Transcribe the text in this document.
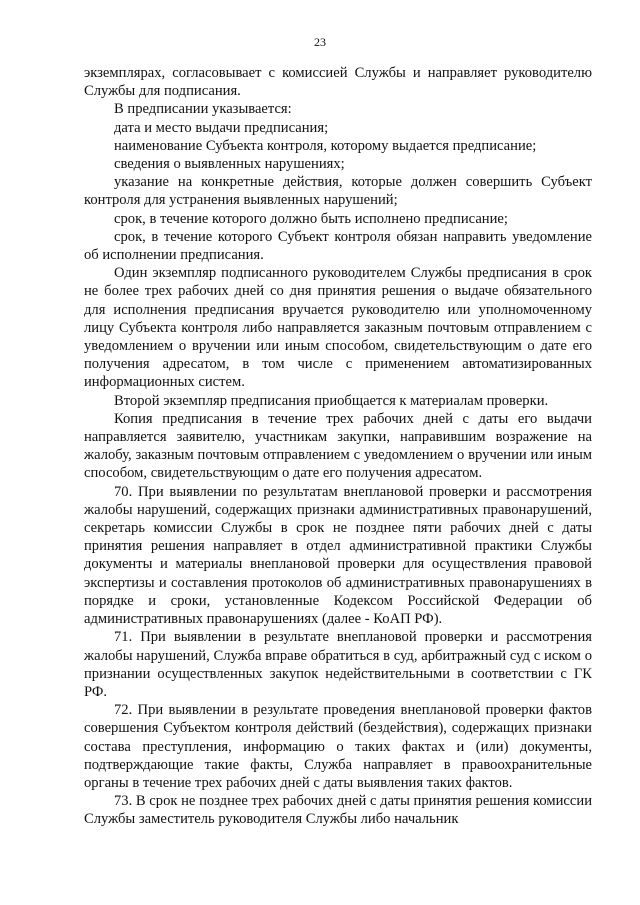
23

экземплярах, согласовывает с комиссией Службы и направляет руководителю Службы для подписания.

В предписании указывается:

дата и место выдачи предписания;

наименование Субъекта контроля, которому выдается предписание;

сведения о выявленных нарушениях;

указание на конкретные действия, которые должен совершить Субъект контроля для устранения выявленных нарушений;

срок, в течение которого должно быть исполнено предписание;

срок, в течение которого Субъект контроля обязан направить уведомление об исполнении предписания.

Один экземпляр подписанного руководителем Службы предписания в срок не более трех рабочих дней со дня принятия решения о выдаче обязательного для исполнения предписания вручается руководителю или уполномоченному лицу Субъекта контроля либо направляется заказным почтовым отправлением с уведомлением о вручении или иным способом, свидетельствующим о дате его получения адресатом, в том числе с применением автоматизированных информационных систем.

Второй экземпляр предписания приобщается к материалам проверки.

Копия предписания в течение трех рабочих дней с даты его выдачи направляется заявителю, участникам закупки, направившим возражение на жалобу, заказным почтовым отправлением с уведомлением о вручении или иным способом, свидетельствующим о дате его получения адресатом.

70. При выявлении по результатам внеплановой проверки и рассмотрения жалобы нарушений, содержащих признаки административных правонарушений, секретарь комиссии Службы в срок не позднее пяти рабочих дней с даты принятия решения направляет в отдел административной практики Службы документы и материалы внеплановой проверки для осуществления правовой экспертизы и составления протоколов об административных правонарушениях в порядке и сроки, установленные Кодексом Российской Федерации об административных правонарушениях (далее - КоАП РФ).

71. При выявлении в результате внеплановой проверки и рассмотрения жалобы нарушений, Служба вправе обратиться в суд, арбитражный суд с иском о признании осуществленных закупок недействительными в соответствии с ГК РФ.

72. При выявлении в результате проведения внеплановой проверки фактов совершения Субъектом контроля действий (бездействия), содержащих признаки состава преступления, информацию о таких фактах и (или) документы, подтверждающие такие факты, Служба направляет в правоохранительные органы в течение трех рабочих дней с даты выявления таких фактов.

73. В срок не позднее трех рабочих дней с даты принятия решения комиссии Службы заместитель руководителя Службы либо начальник
